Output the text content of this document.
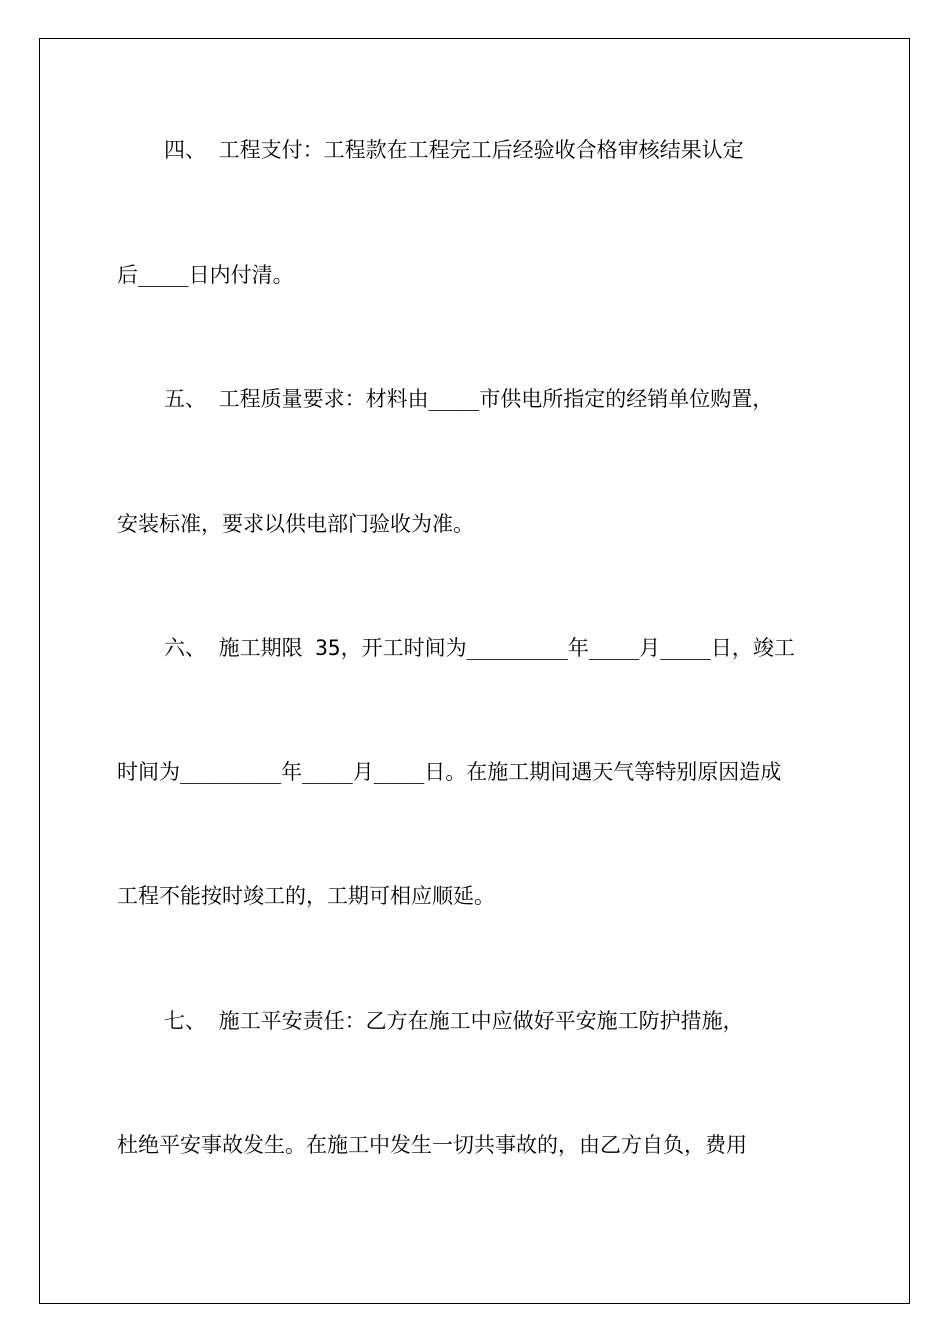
四、 工程支付：工程款在工程完工后经验收合格审核结果认定

后____日内付清。

五、 工程质量要求：材料由____市供电所指定的经销单位购置，

安装标准，要求以供电部门验收为准。

六、 施工期限 35，开工时间为________年____月____日，竣工

时间为________年____月____日。在施工期间遇天气等特别原因造成

工程不能按时竣工的，工期可相应顺延。

七、 施工平安责任：乙方在施工中应做好平安施工防护措施，

杜绝平安事故发生。在施工中发生一切共事故的，由乙方自负，费用
